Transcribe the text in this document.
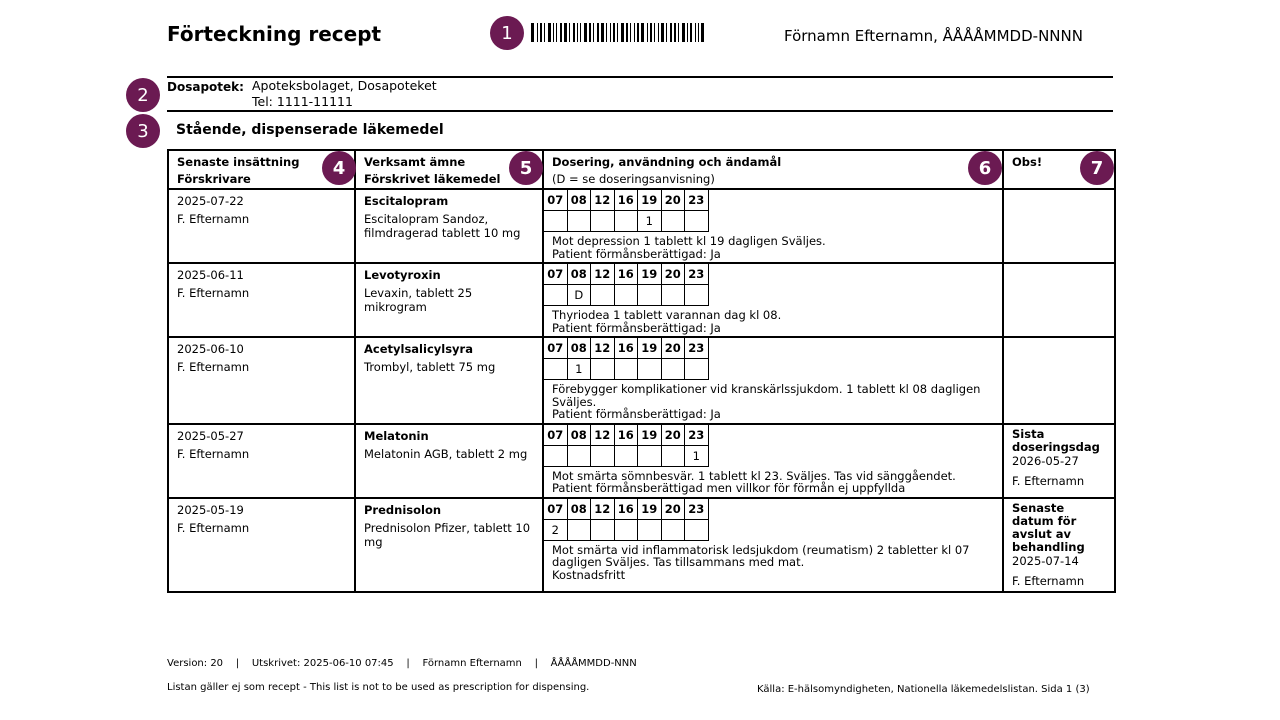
Förteckning recept	Förnamn Efternamn, ÅÅÅÅMMDD-NNNN
1
2
3
Dosapotek: Apoteksbolaget, Dosapoteket
Tel: 1111-11111
Stående, dispenserade läkemedel
Senaste insättning
Förskrivare
4	Verksamt ämne
Förskrivet läkemedel
5	Dosering, användning och ändamål
(D = se doseringsanvisning)
6	Obs!	7

2025-07-22
F. Efternamn

Escitalopram
Escitalopram Sandoz, filmdragerad tablett 10 mg

07	08	12	16	19	20	23
				1		
Mot depression 1 tablett kl 19 dagligen Sväljes.
Patient förmånsberättigad: Ja

2025-06-11
F. Efternamn

Levotyroxin
Levaxin, tablett 25 mikrogram

07	08	12	16	19	20	23
	D					
Thyriodea 1 tablett varannan dag kl 08.
Patient förmånsberättigad: Ja

2025-06-10
F. Efternamn

Acetylsalicylsyra
Trombyl, tablett 75 mg

07	08	12	16	19	20	23
	1					
Förebygger komplikationer vid kranskärlssjukdom. 1 tablett kl 08 dagligen Sväljes.
Patient förmånsberättigad: Ja

2025-05-27
F. Efternamn

Melatonin
Melatonin AGB, tablett 2 mg

07	08	12	16	19	20	23
						1
Mot smärta sömnbesvär. 1 tablett kl 23. Sväljes. Tas vid sänggåendet.
Patient förmånsberättigad men villkor för förmån ej uppfyllda

Sista doseringsdag
2026-05-27
F. Efternamn

2025-05-19
F. Efternamn

Prednisolon
Prednisolon Pfizer, tablett 10 mg

07	08	12	16	19	20	23
2						
Mot smärta vid inflammatorisk ledsjukdom (reumatism) 2 tabletter kl 07 dagligen Sväljes. Tas tillsammans med mat.
Kostnadsfritt

Senaste datum för avslut av behandling
2025-07-14
F. Efternamn
Version: 20 | Utskrivet: 2025-06-10 07:45 | Förnamn Efternamn | ÅÅÅÅMMDD-NNN
Listan gäller ej som recept - This list is not to be used as prescription for dispensing.	Källa: E-hälsomyndigheten, Nationella läkemedelslistan. Sida 1 (3)
